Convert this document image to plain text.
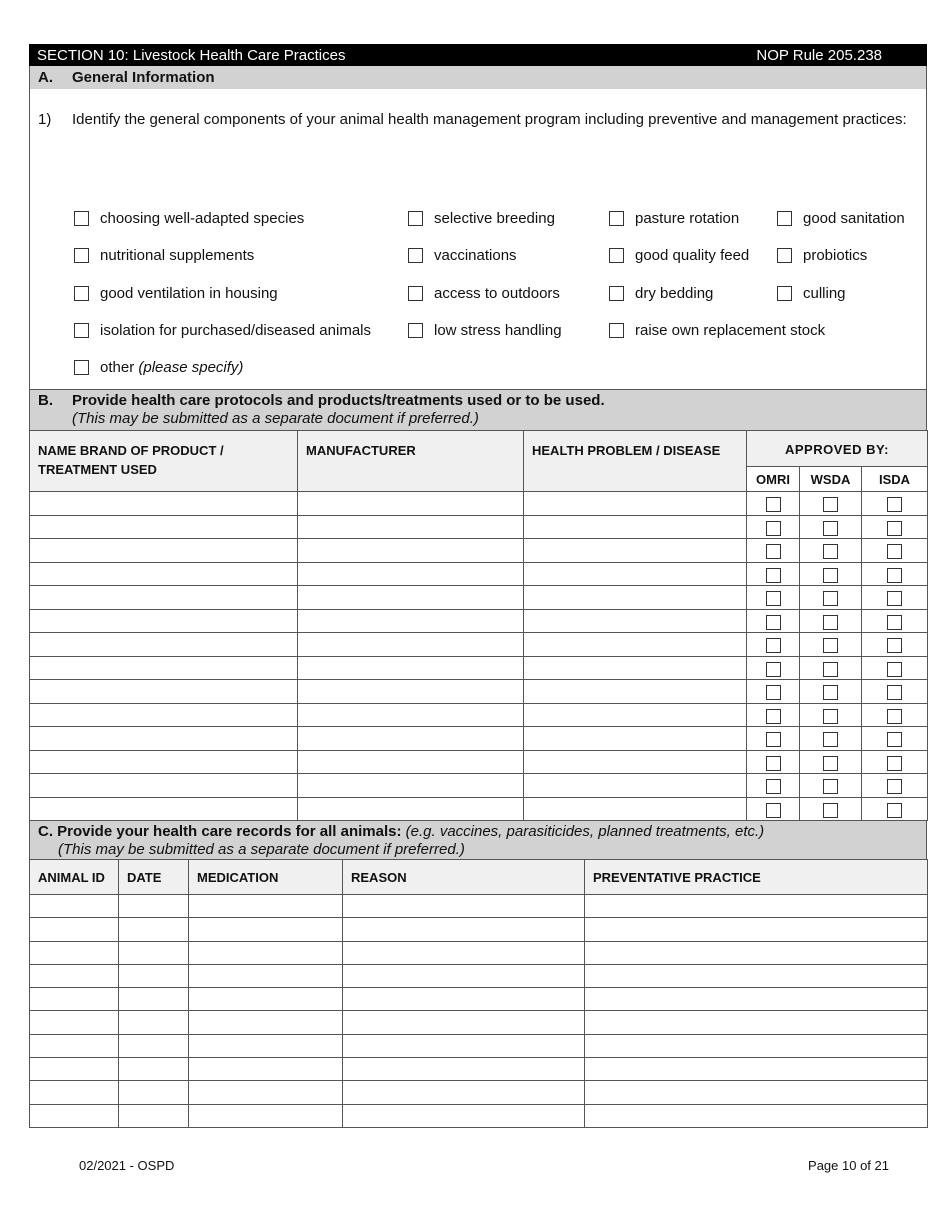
SECTION 10: Livestock Health Care Practices	NOP Rule 205.238
A.	General Information
1)	Identify the general components of your animal health management program including preventive and management practices:
choosing well-adapted species	selective breeding	pasture rotation	good sanitation
nutritional supplements	vaccinations	good quality feed	probiotics
good ventilation in housing	access to outdoors	dry bedding	culling
isolation for purchased/diseased animals	low stress handling	raise own replacement stock
other
(please specify)
B.	Provide health care protocols and products/treatments used or to be used.
(This may be submitted as a separate document if preferred.)
NAME BRAND OF PRODUCT / TREATMENT USED	MANUFACTURER	HEALTH PROBLEM / DISEASE	APPROVED BY:		
			OMRI	WSDA	ISDA

C. Provide your health care records for all animals: (e.g. vaccines, parasiticides, planned treatments, etc.)
(This may be submitted as a separate document if preferred.)
ANIMAL ID	DATE	MEDICATION	REASON	PREVENTATIVE PRACTICE

02/2021 - OSPD	Page 10 of 21
